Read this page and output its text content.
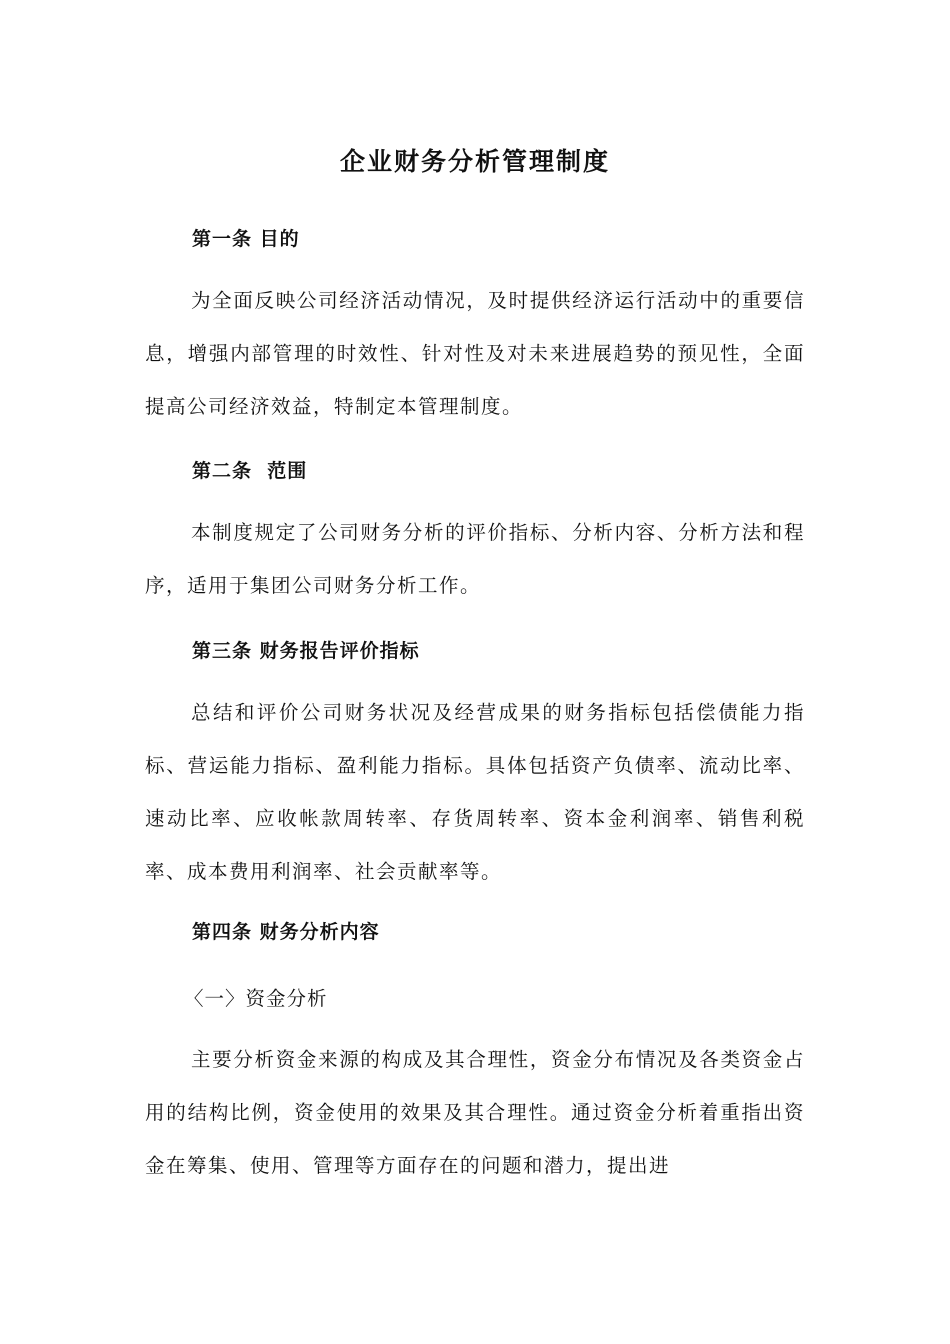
企业财务分析管理制度
第一条 目的

为全面反映公司经济活动情况，及时提供经济运行活动中的重要信息，增强内部管理的时效性、针对性及对未来进展趋势的预见性，全面提高公司经济效益，特制定本管理制度。

第二条  范围

本制度规定了公司财务分析的评价指标、分析内容、分析方法和程序，适用于集团公司财务分析工作。

第三条 财务报告评价指标

总结和评价公司财务状况及经营成果的财务指标包括偿债能力指标、营运能力指标、盈利能力指标。具体包括资产负债率、流动比率、速动比率、应收帐款周转率、存货周转率、资本金利润率、销售利税率、成本费用利润率、社会贡献率等。

第四条 财务分析内容

〈一〉资金分析

主要分析资金来源的构成及其合理性，资金分布情况及各类资金占用的结构比例，资金使用的效果及其合理性。通过资金分析着重指出资金在筹集、使用、管理等方面存在的问题和潜力，提出进
